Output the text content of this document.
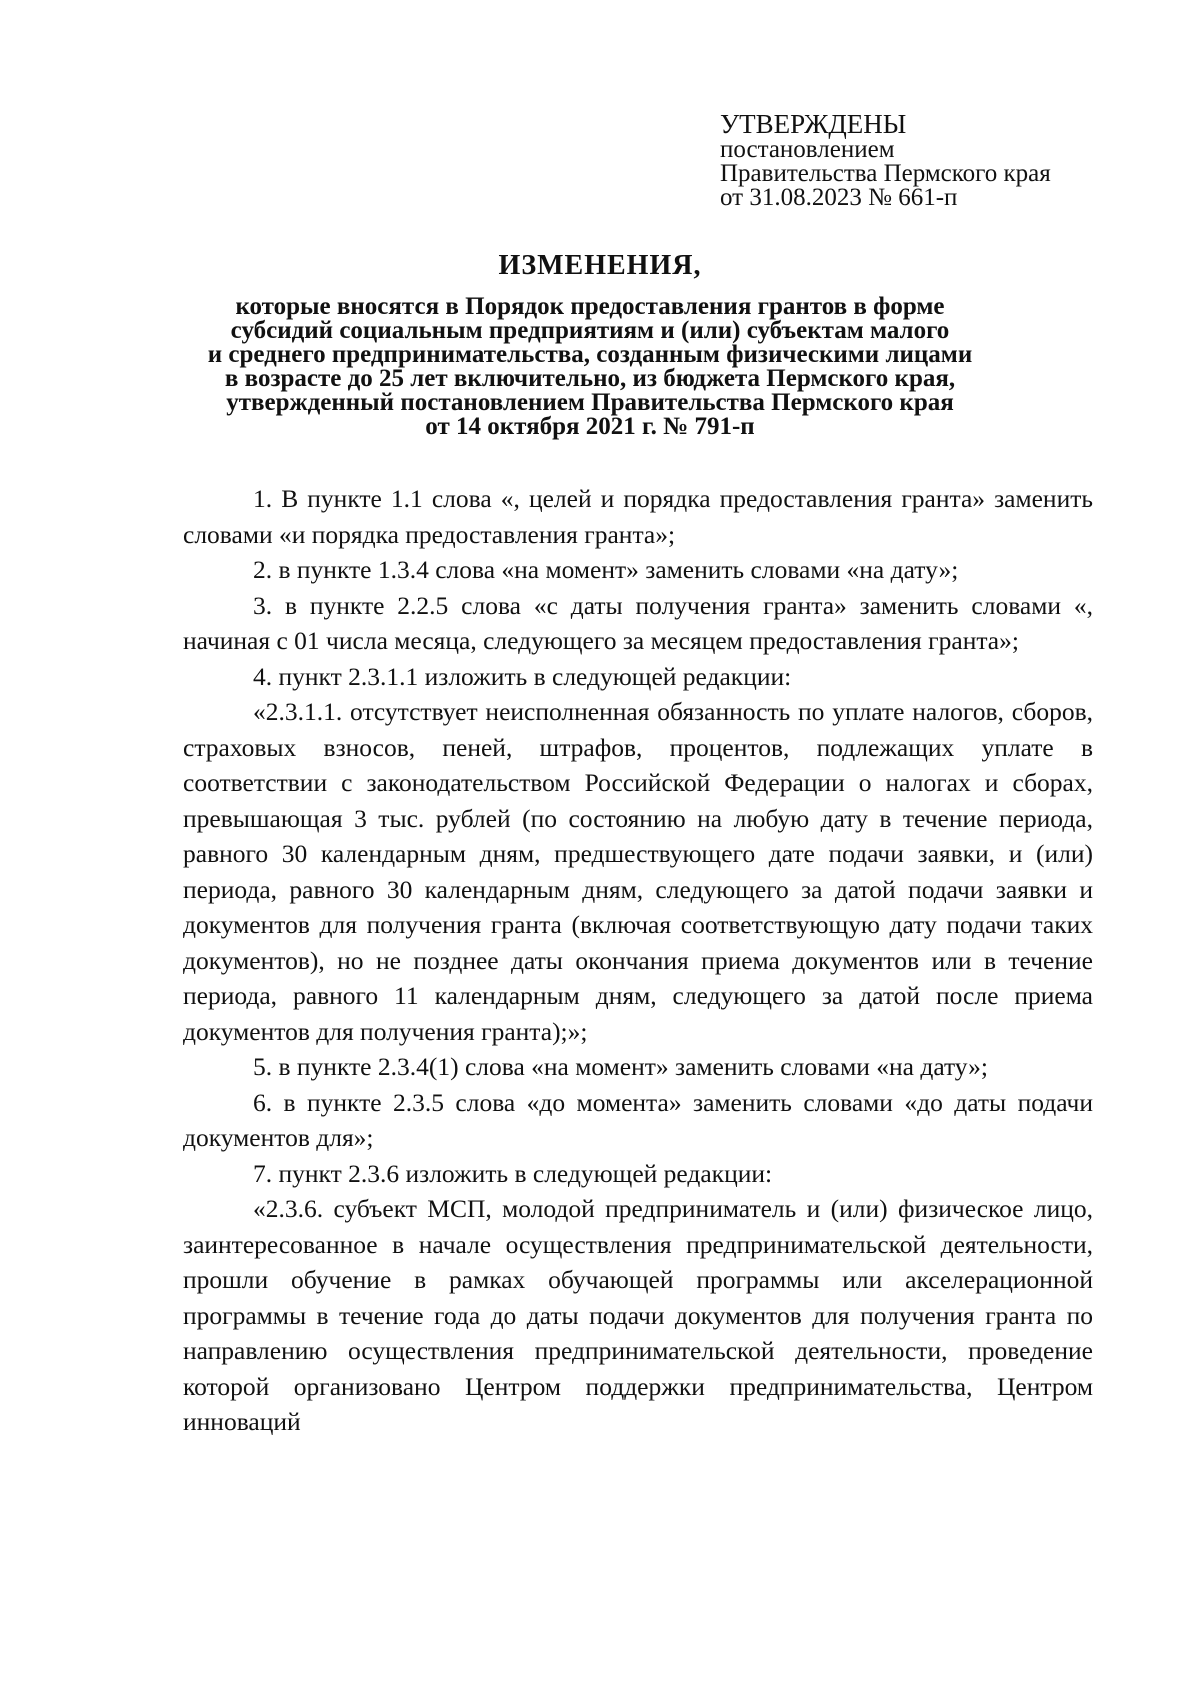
УТВЕРЖДЕНЫ
постановлением
Правительства Пермского края
от 31.08.2023 № 661-п
ИЗМЕНЕНИЯ,
которые вносятся в Порядок предоставления грантов в форме
субсидий социальным предприятиям и (или) субъектам малого
и среднего предпринимательства, созданным физическими лицами
в возрасте до 25 лет включительно, из бюджета Пермского края,
утвержденный постановлением Правительства Пермского края
от 14 октября 2021 г. № 791-п

1. В пункте 1.1 слова «, целей и порядка предоставления гранта» заменить словами «и порядка предоставления гранта»;

2. в пункте 1.3.4 слова «на момент» заменить словами «на дату»;

3. в пункте 2.2.5 слова «с даты получения гранта» заменить словами «, начиная с 01 числа месяца, следующего за месяцем предоставления гранта»;

4. пункт 2.3.1.1 изложить в следующей редакции:

«2.3.1.1. отсутствует неисполненная обязанность по уплате налогов, сборов, страховых взносов, пеней, штрафов, процентов, подлежащих уплате в соответствии с законодательством Российской Федерации о налогах и сборах, превышающая 3 тыс. рублей (по состоянию на любую дату в течение периода, равного 30 календарным дням, предшествующего дате подачи заявки, и (или) периода, равного 30 календарным дням, следующего за датой подачи заявки и документов для получения гранта (включая соответствующую дату подачи таких документов), но не позднее даты окончания приема документов или в течение периода, равного 11 календарным дням, следующего за датой после приема документов для получения гранта);»;

5. в пункте 2.3.4(1) слова «на момент» заменить словами «на дату»;

6. в пункте 2.3.5 слова «до момента» заменить словами «до даты подачи документов для»;

7. пункт 2.3.6 изложить в следующей редакции:

«2.3.6. субъект МСП, молодой предприниматель и (или) физическое лицо, заинтересованное в начале осуществления предпринимательской деятельности, прошли обучение в рамках обучающей программы или акселерационной программы в течение года до даты подачи документов для получения гранта по направлению осуществления предпринимательской деятельности, проведение которой организовано Центром поддержки предпринимательства, Центром инноваций
